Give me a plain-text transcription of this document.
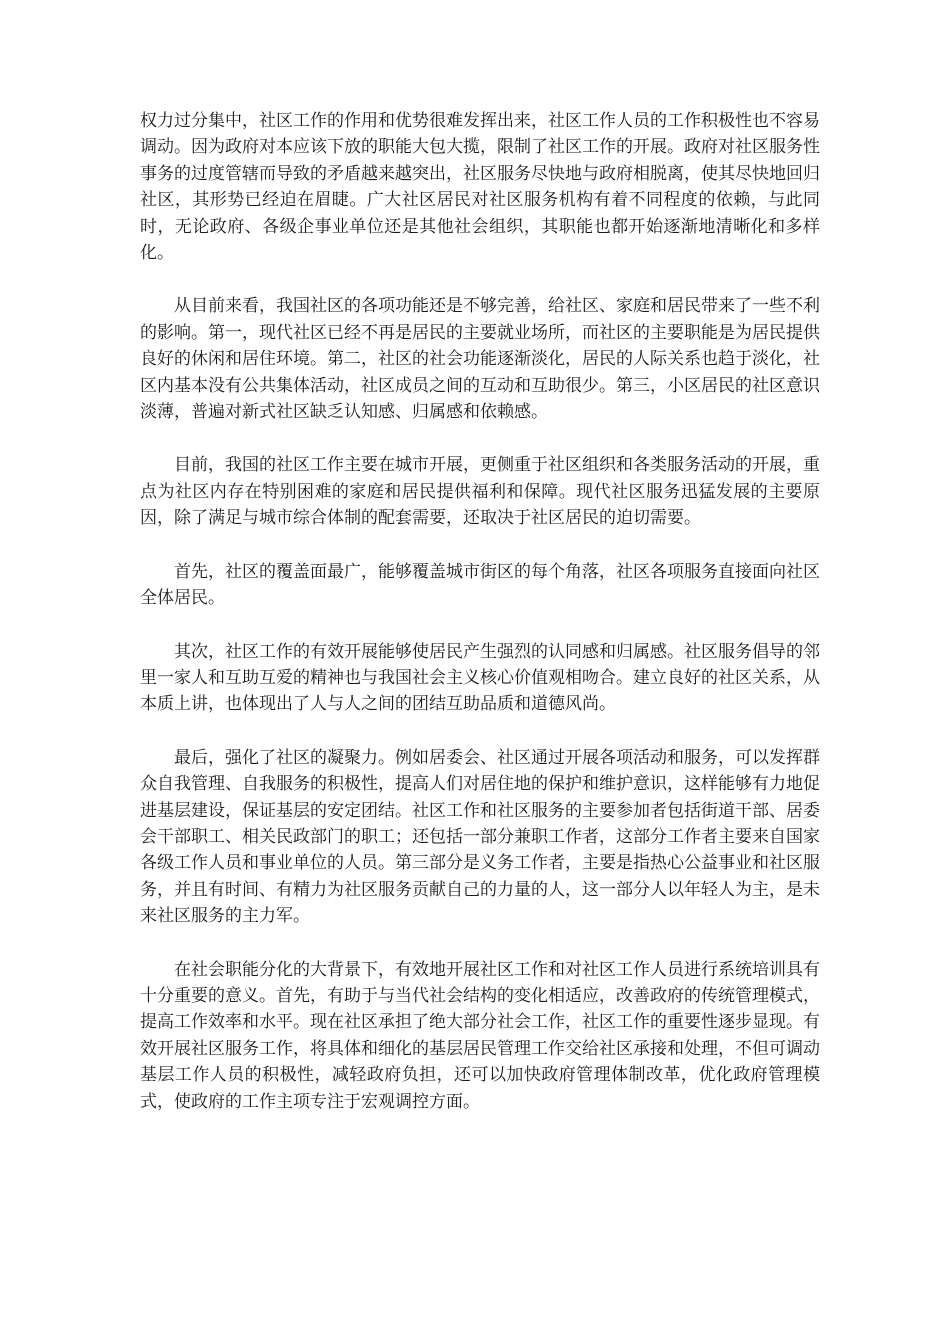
权力过分集中，社区工作的作用和优势很难发挥出来，社区工作人员的工作积极性也不容易调动。因为政府对本应该下放的职能大包大揽，限制了社区工作的开展。政府对社区服务性事务的过度管辖而导致的矛盾越来越突出，社区服务尽快地与政府相脱离，使其尽快地回归社区，其形势已经迫在眉睫。广大社区居民对社区服务机构有着不同程度的依赖，与此同时，无论政府、各级企事业单位还是其他社会组织，其职能也都开始逐渐地清晰化和多样化。

从目前来看，我国社区的各项功能还是不够完善，给社区、家庭和居民带来了一些不利的影响。第一，现代社区已经不再是居民的主要就业场所，而社区的主要职能是为居民提供良好的休闲和居住环境。第二，社区的社会功能逐渐淡化，居民的人际关系也趋于淡化，社区内基本没有公共集体活动，社区成员之间的互动和互助很少。第三，小区居民的社区意识淡薄，普遍对新式社区缺乏认知感、归属感和依赖感。

目前，我国的社区工作主要在城市开展，更侧重于社区组织和各类服务活动的开展，重点为社区内存在特别困难的家庭和居民提供福利和保障。现代社区服务迅猛发展的主要原因，除了满足与城市综合体制的配套需要，还取决于社区居民的迫切需要。

首先，社区的覆盖面最广，能够覆盖城市街区的每个角落，社区各项服务直接面向社区全体居民。

其次，社区工作的有效开展能够使居民产生强烈的认同感和归属感。社区服务倡导的邻里一家人和互助互爱的精神也与我国社会主义核心价值观相吻合。建立良好的社区关系，从本质上讲，也体现出了人与人之间的团结互助品质和道德风尚。

最后，强化了社区的凝聚力。例如居委会、社区通过开展各项活动和服务，可以发挥群众自我管理、自我服务的积极性，提高人们对居住地的保护和维护意识，这样能够有力地促进基层建设，保证基层的安定团结。社区工作和社区服务的主要参加者包括街道干部、居委会干部职工、相关民政部门的职工；还包括一部分兼职工作者，这部分工作者主要来自国家各级工作人员和事业单位的人员。第三部分是义务工作者，主要是指热心公益事业和社区服务，并且有时间、有精力为社区服务贡献自己的力量的人，这一部分人以年轻人为主，是未来社区服务的主力军。

在社会职能分化的大背景下，有效地开展社区工作和对社区工作人员进行系统培训具有十分重要的意义。首先，有助于与当代社会结构的变化相适应，改善政府的传统管理模式，提高工作效率和水平。现在社区承担了绝大部分社会工作，社区工作的重要性逐步显现。有效开展社区服务工作，将具体和细化的基层居民管理工作交给社区承接和处理，不但可调动基层工作人员的积极性，减轻政府负担，还可以加快政府管理体制改革，优化政府管理模式，使政府的工作主项专注于宏观调控方面。
